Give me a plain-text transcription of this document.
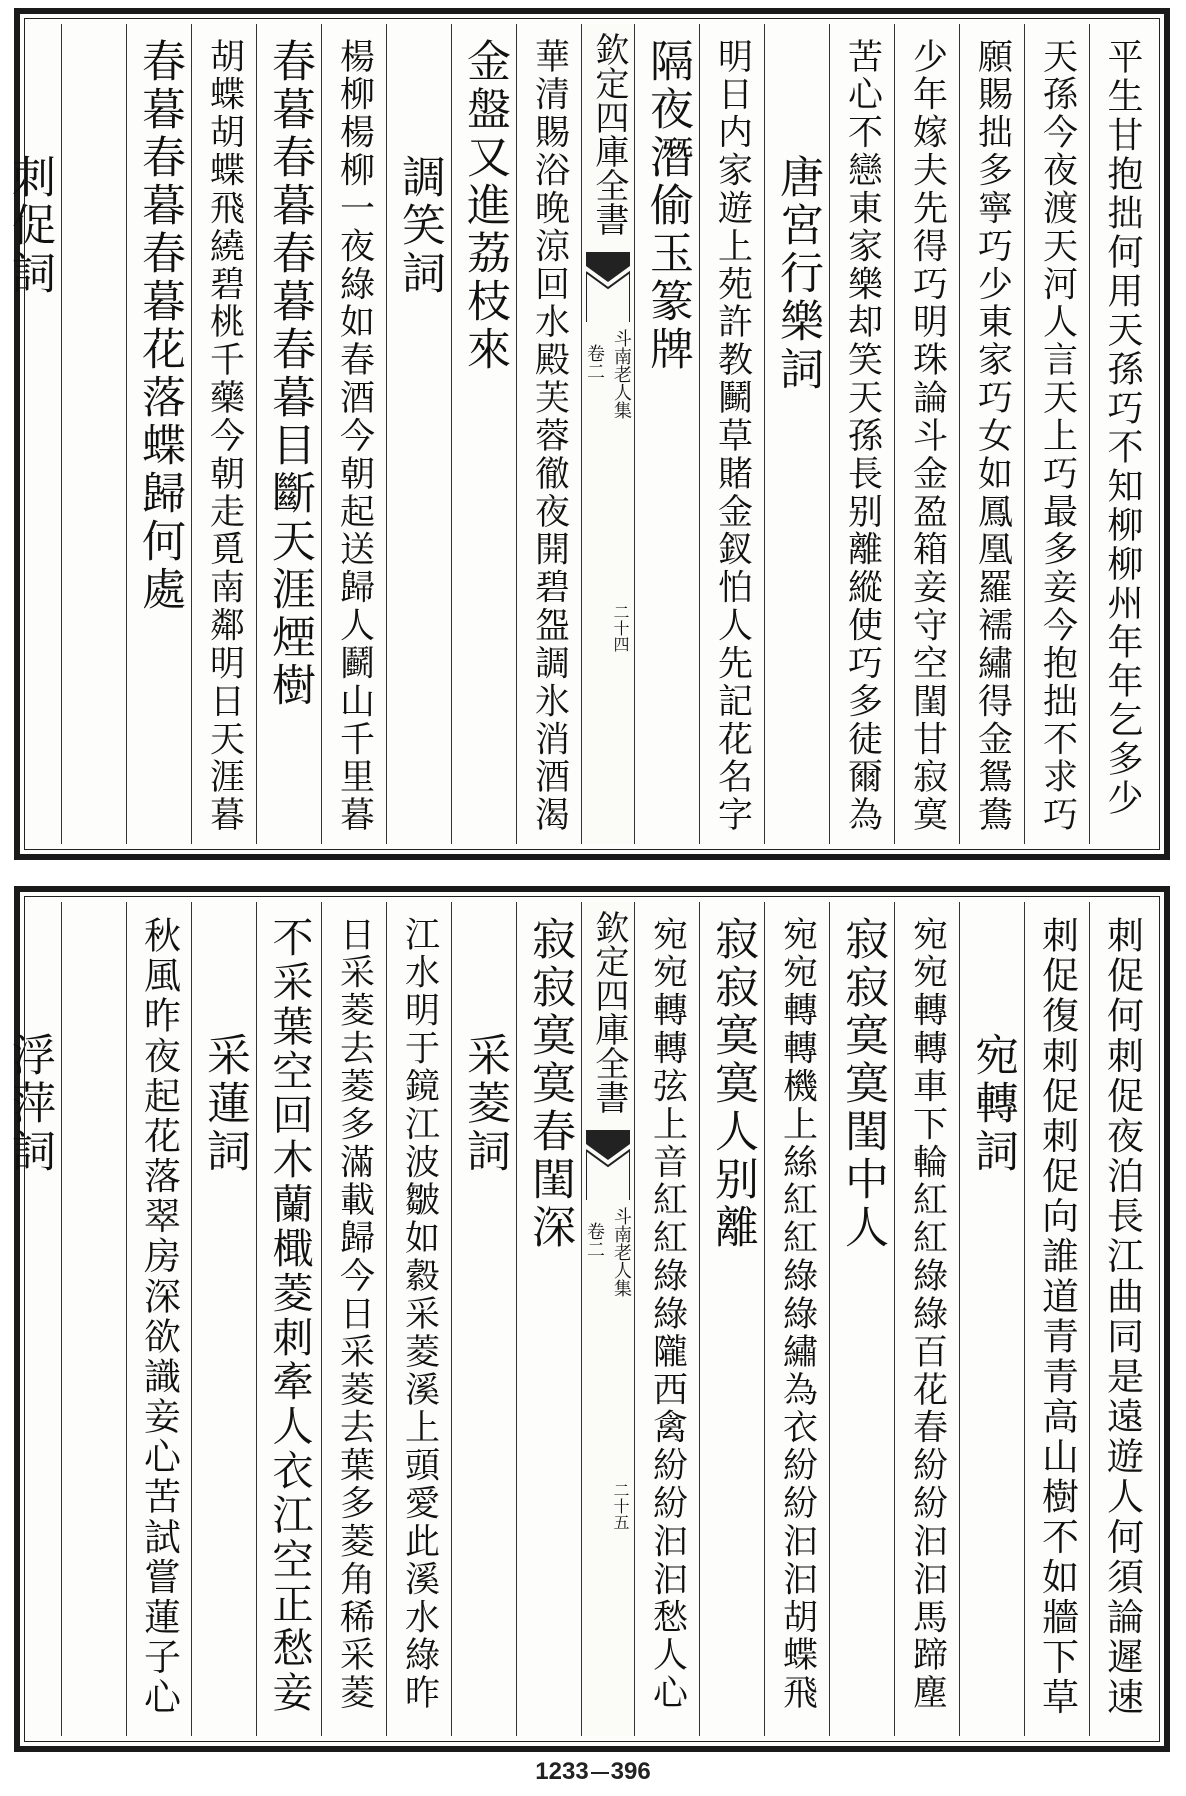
平生甘抱拙何用天孫巧不知柳柳州年年乞多少
天孫今夜渡天河人言天上巧最多妾今抱拙不求巧
願賜拙多寧巧少東家巧女如鳳凰羅襦繡得金鴛鴦
少年嫁夫先得巧明珠論斗金盈箱妾守空閨甘寂寞
苦心不戀東家樂却笑天孫長别離縱使巧多徒爾為
唐宮行樂詞
明日内家遊上苑許教鬭草賭金釵怕人先記花名字
隔夜潛偷玉篆牌
欽定四庫全書
斗南老人集
卷二
二十四
華清賜浴晚涼回水殿芙蓉徹夜開碧盌調氷消酒渴
金盤又進荔枝來
調笑詞
楊柳楊柳一夜綠如春酒今朝起送歸人鬬山千里暮
春暮春暮春暮春暮目斷天涯煙樹
胡蝶胡蝶飛繞碧桃千藥今朝走覓南鄰明日天涯暮
春暮春暮春暮花落蝶歸何處
刺促詞
刺促何刺促夜泊長江曲同是遠遊人何須論遲速
刺促復刺促刺促向誰道青青高山樹不如牆下草
宛轉詞
宛宛轉轉車下輪紅紅綠綠百花春紛紛汩汩馬蹄塵
寂寂寞寞閨中人
宛宛轉轉機上絲紅紅綠綠繡為衣紛紛汩汩胡蝶飛
寂寂寞寞人别離
宛宛轉轉弦上音紅紅綠綠隴西禽紛紛汩汩愁人心
欽定四庫全書
斗南老人集
卷二
二十五
寂寂寞寞春閨深
采菱詞
江水明于鏡江波皺如縠采菱溪上頭愛此溪水綠昨
日采菱去菱多滿載歸今日采菱去葉多菱角稀采菱
不采葉空回木蘭檝菱刺牽人衣江空正愁妾
采蓮詞
秋風昨夜起花落翠房深欲識妾心苦試嘗蓮子心
浮萍詞
1233 396
